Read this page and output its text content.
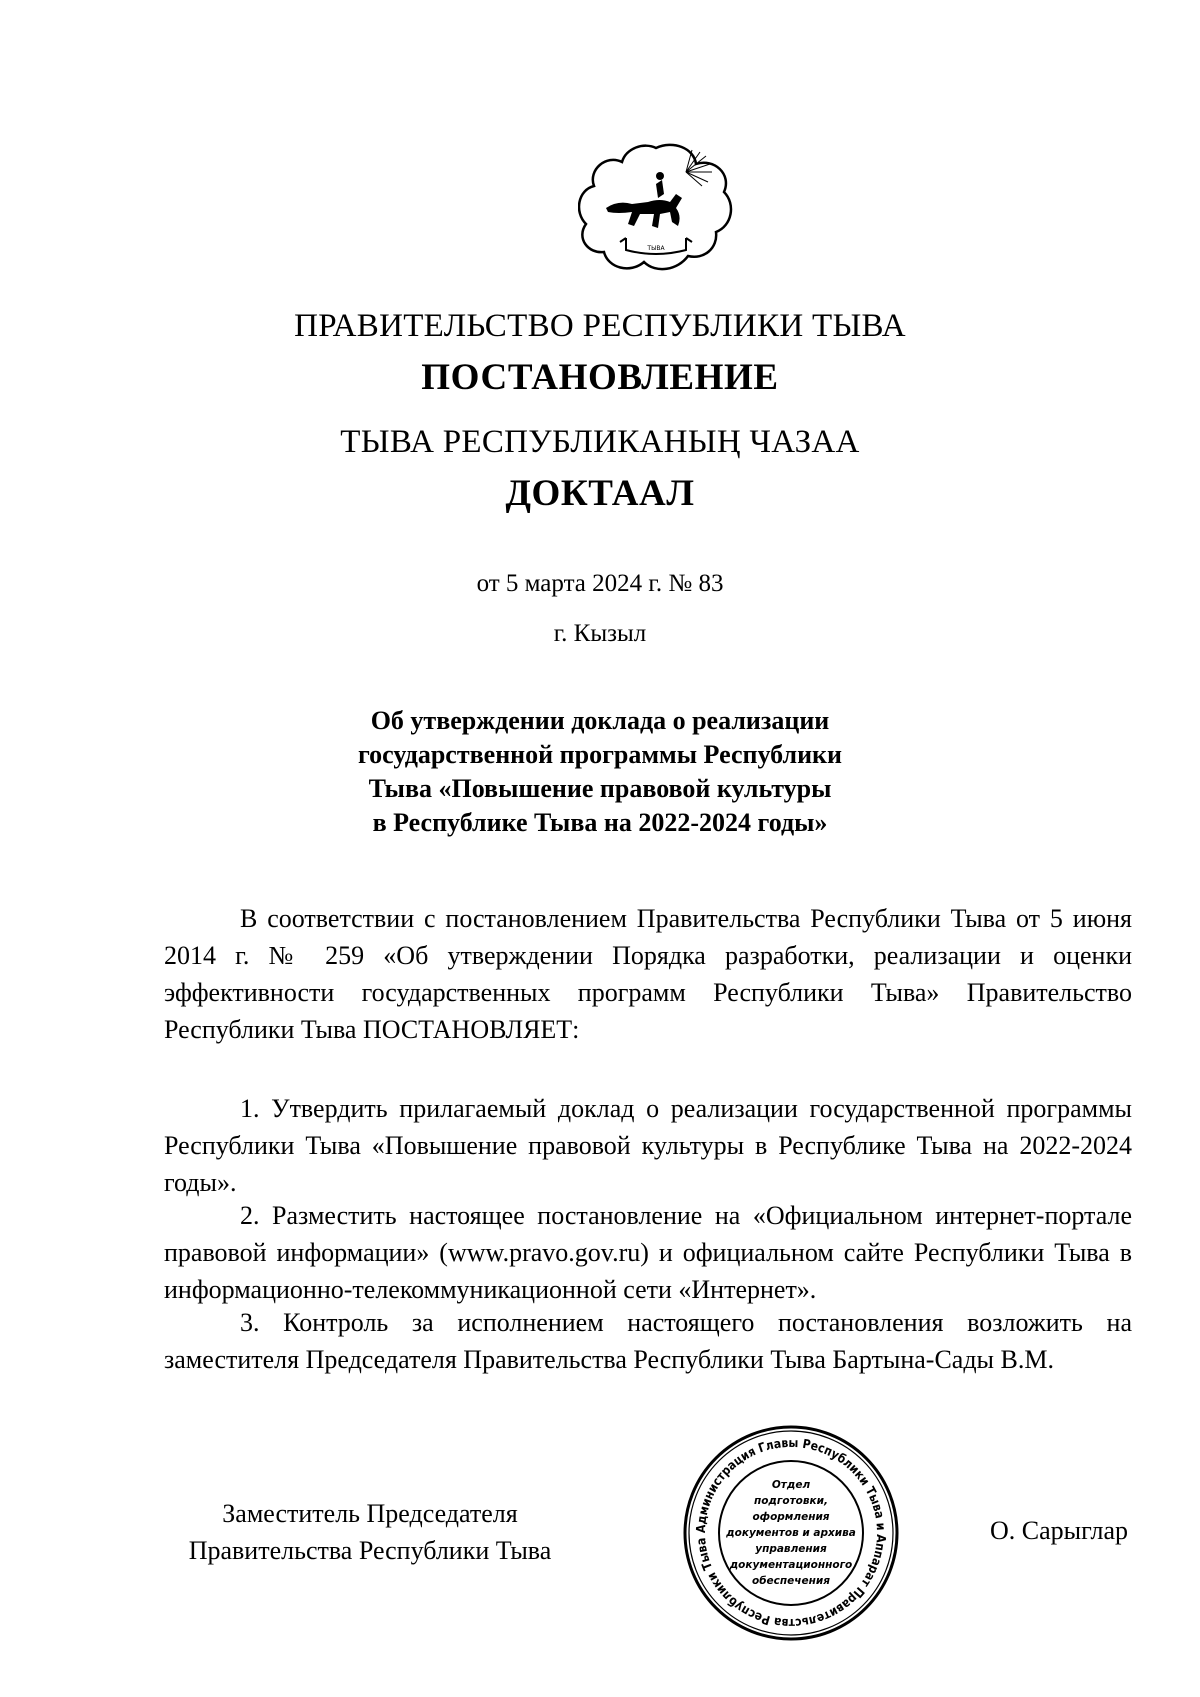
ТЫВА
ПРАВИТЕЛЬСТВО РЕСПУБЛИКИ ТЫВА
ПОСТАНОВЛЕНИЕ
ТЫВА РЕСПУБЛИКАНЫҢ ЧАЗАА
ДОКТААЛ
от 5 марта 2024 г. № 83
г. Кызыл
Об утверждении доклада о реализации
государственной программы Республики
Тыва «Повышение правовой культуры
в Республике Тыва на 2022-2024 годы»

В соответствии с постановлением Правительства Республики Тыва от 5 июня 2014 г. № 259 «Об утверждении Порядка разработки, реализации и оценки эффективности государственных программ Республики Тыва» Правительство Республики Тыва ПОСТАНОВЛЯЕТ:

1. Утвердить прилагаемый доклад о реализации государственной программы Республики Тыва «Повышение правовой культуры в Республике Тыва на 2022-2024 годы».

2. Разместить настоящее постановление на «Официальном интернет-портале правовой информации» (www.pravo.gov.ru) и официальном сайте Республики Тыва в информационно-телекоммуникационной сети «Интернет».

3. Контроль за исполнением настоящего постановления возложить на заместителя Председателя Правительства Республики Тыва Бартына-Сады В.М.

Заместитель Председателя
Правительства Республики Тыва
Администрация Главы Республики Тыва и Аппарат Правительства Республики Тыва
Отдел
подготовки,
оформления
документов и архива
управления
документационного
обеспечения
О. Сарыглар
